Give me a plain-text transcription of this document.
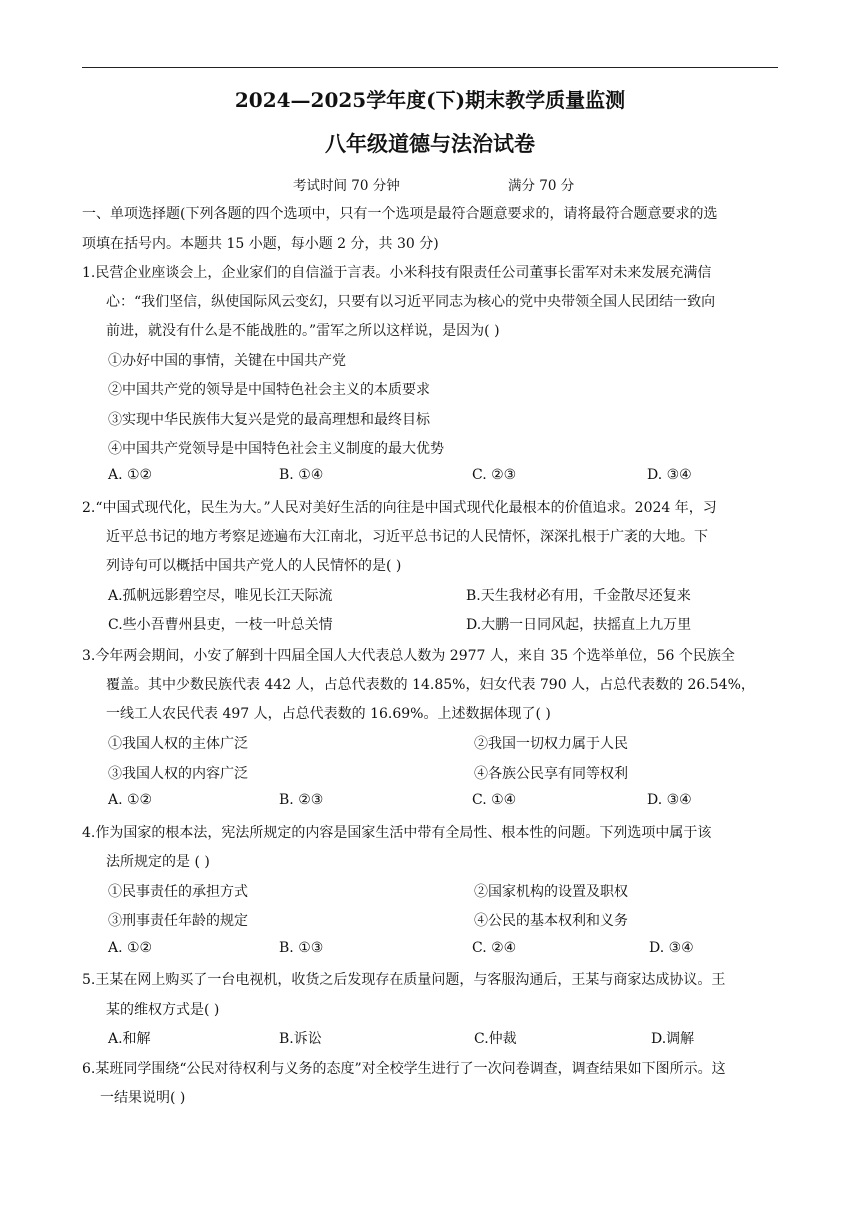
2024—2025学年度(下)期末教学质量监测
八年级道德与法治试卷
考试时间 70 分钟	满分 70 分
一、单项选择题(下列各题的四个选项中，只有一个选项是最符合题意要求的，请将最符合题意要求的选
项填在括号内。本题共 15 小题，每小题 2 分，共 30 分)
1.民营企业座谈会上，企业家们的自信溢于言表。小米科技有限责任公司董事长雷军对未来发展充满信
心：“我们坚信，纵使国际风云变幻，只要有以习近平同志为核心的党中央带领全国人民团结一致向
前进，就没有什么是不能战胜的。”雷军之所以这样说，是因为( )
①办好中国的事情，关键在中国共产党
②中国共产党的领导是中国特色社会主义的本质要求
③实现中华民族伟大复兴是党的最高理想和最终目标
④中国共产党领导是中国特色社会主义制度的最大优势
A. ①②	B. ①④	C. ②③	D. ③④
2.“中国式现代化，民生为大。”人民对美好生活的向往是中国式现代化最根本的价值追求。2024 年，习
近平总书记的地方考察足迹遍布大江南北，习近平总书记的人民情怀，深深扎根于广袤的大地。下
列诗句可以概括中国共产党人的人民情怀的是( )
A.孤帆远影碧空尽，唯见长江天际流	B.天生我材必有用，千金散尽还复来
C.些小吾曹州县吏，一枝一叶总关情	D.大鹏一日同风起，扶摇直上九万里
3.今年两会期间，小安了解到十四届全国人大代表总人数为 2977 人，来自 35 个选举单位，56 个民族全
覆盖。其中少数民族代表 442 人，占总代表数的 14.85%，妇女代表 790 人，占总代表数的 26.54%，
一线工人农民代表 497 人，占总代表数的 16.69%。上述数据体现了( )
①我国人权的主体广泛	②我国一切权力属于人民
③我国人权的内容广泛	④各族公民享有同等权利
A. ①②	B. ②③	C. ①④	D. ③④
4.作为国家的根本法，宪法所规定的内容是国家生活中带有全局性、根本性的问题。下列选项中属于该
法所规定的是 ( )
①民事责任的承担方式	②国家机构的设置及职权
③刑事责任年龄的规定	④公民的基本权利和义务
A. ①②	B. ①③	C. ②④	D. ③④
5.王某在网上购买了一台电视机，收货之后发现存在质量问题，与客服沟通后，王某与商家达成协议。王
某的维权方式是( )
A.和解	B.诉讼	C.仲裁	D.调解
6.某班同学围绕“公民对待权利与义务的态度”对全校学生进行了一次问卷调查，调查结果如下图所示。这
一结果说明( )
